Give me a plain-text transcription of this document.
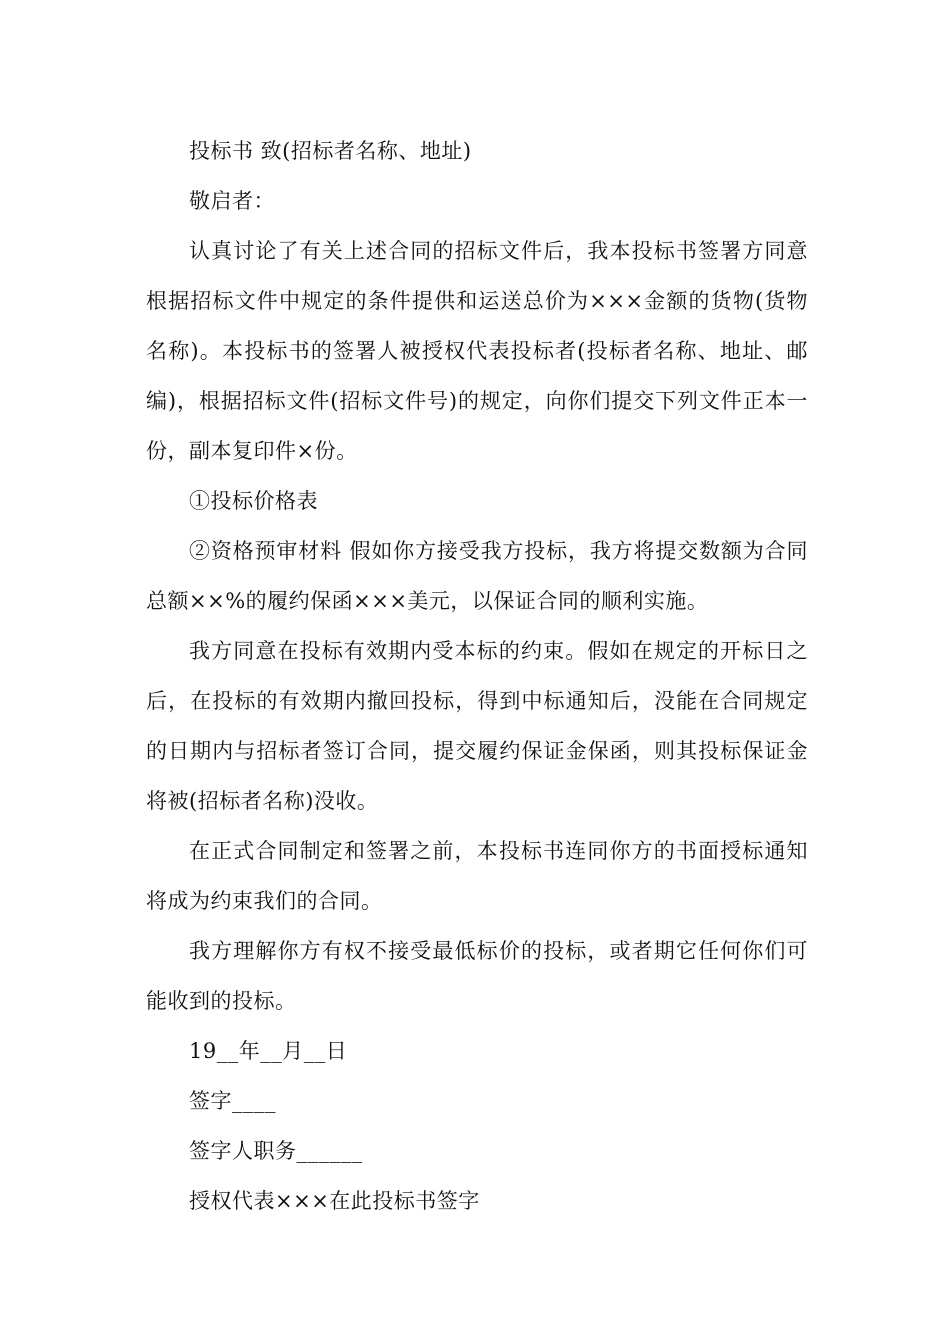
投标书 致(招标者名称、地址)

敬启者：

认真讨论了有关上述合同的招标文件后，我本投标书签署方同意根据招标文件中规定的条件提供和运送总价为×××金额的货物(货物名称)。本投标书的签署人被授权代表投标者(投标者名称、地址、邮编)，根据招标文件(招标文件号)的规定，向你们提交下列文件正本一份，副本复印件×份。

①投标价格表

②资格预审材料 假如你方接受我方投标，我方将提交数额为合同总额××%的履约保函×××美元，以保证合同的顺利实施。

我方同意在投标有效期内受本标的约束。假如在规定的开标日之后，在投标的有效期内撤回投标，得到中标通知后，没能在合同规定的日期内与招标者签订合同，提交履约保证金保函，则其投标保证金将被(招标者名称)没收。

在正式合同制定和签署之前，本投标书连同你方的书面授标通知将成为约束我们的合同。

我方理解你方有权不接受最低标价的投标，或者期它任何你们可能收到的投标。

19__年__月__日

签字____

签字人职务______

授权代表×××在此投标书签字
